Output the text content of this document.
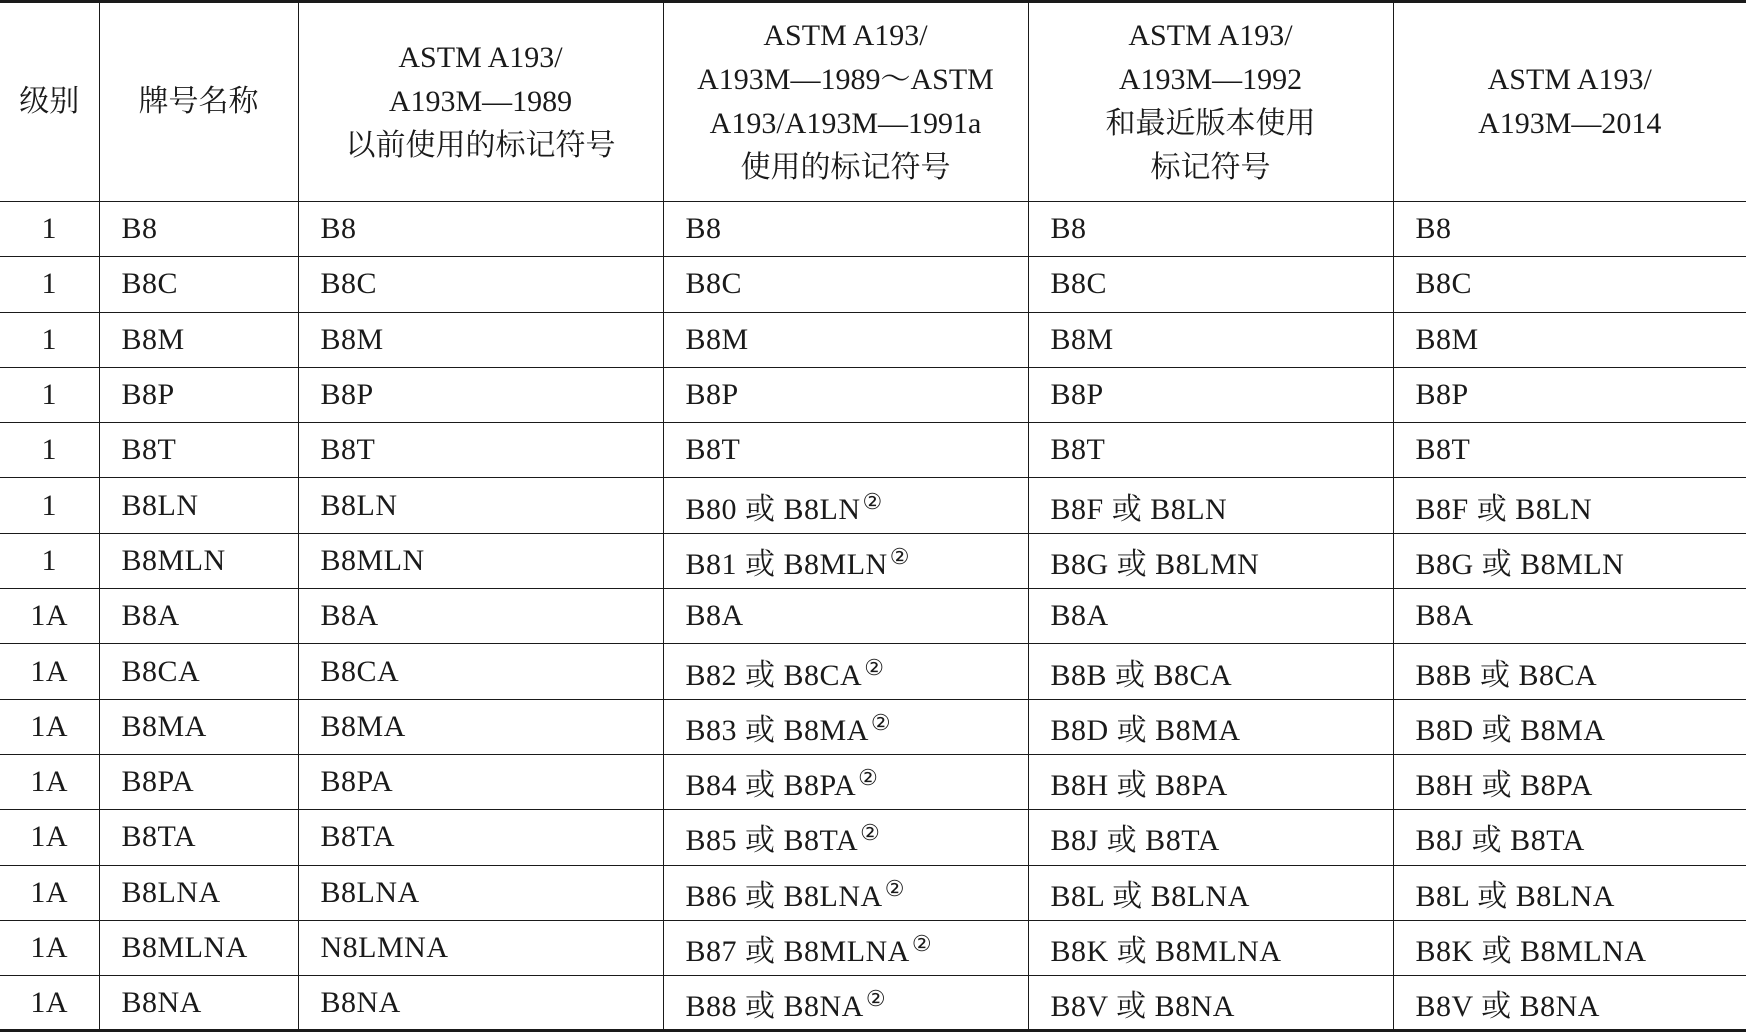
级别	牌号名称	ASTM A193/
A193M—1989
以前使用的标记符号	ASTM A193/
A193M—1989～ASTM
A193/A193M—1991a
使用的标记符号	ASTM A193/
A193M—1992
和最近版本使用
标记符号	ASTM A193/
A193M—2014

1	B8	B8	B8	B8	B8
1	B8C	B8C	B8C	B8C	B8C
1	B8M	B8M	B8M	B8M	B8M
1	B8P	B8P	B8P	B8P	B8P
1	B8T	B8T	B8T	B8T	B8T
1	B8LN	B8LN	B80 或 B8LN②	B8F 或 B8LN	B8F 或 B8LN
1	B8MLN	B8MLN	B81 或 B8MLN②	B8G 或 B8LMN	B8G 或 B8MLN
1A	B8A	B8A	B8A	B8A	B8A
1A	B8CA	B8CA	B82 或 B8CA②	B8B 或 B8CA	B8B 或 B8CA
1A	B8MA	B8MA	B83 或 B8MA②	B8D 或 B8MA	B8D 或 B8MA
1A	B8PA	B8PA	B84 或 B8PA②	B8H 或 B8PA	B8H 或 B8PA
1A	B8TA	B8TA	B85 或 B8TA②	B8J 或 B8TA	B8J 或 B8TA
1A	B8LNA	B8LNA	B86 或 B8LNA②	B8L 或 B8LNA	B8L 或 B8LNA
1A	B8MLNA	N8LMNA	B87 或 B8MLNA②	B8K 或 B8MLNA	B8K 或 B8MLNA
1A	B8NA	B8NA	B88 或 B8NA②	B8V 或 B8NA	B8V 或 B8NA
